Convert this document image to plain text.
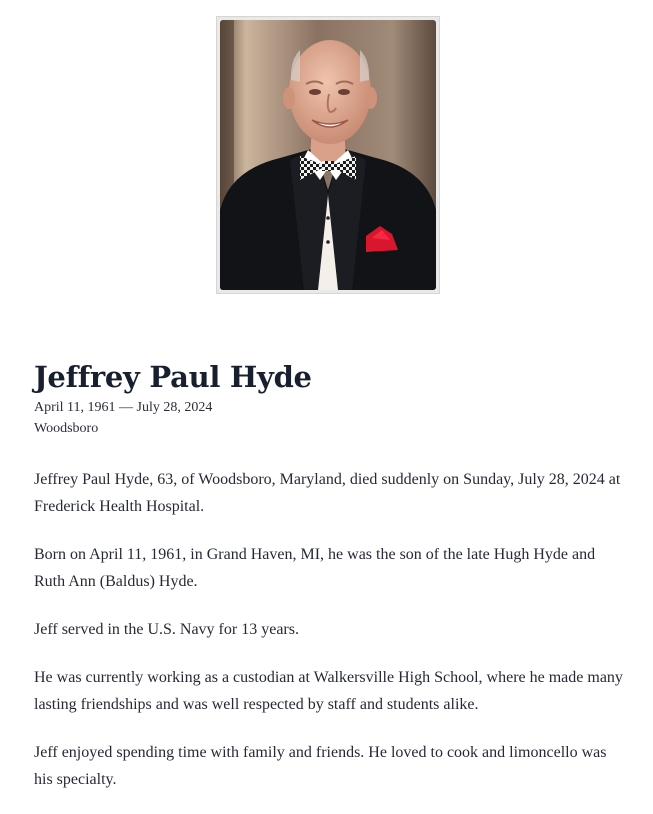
Jeffrey Paul Hyde
April 11, 1961 — July 28, 2024
Woodsboro

Jeffrey Paul Hyde, 63, of Woodsboro, Maryland, died suddenly on Sunday, July 28, 2024 at Frederick Health Hospital.

Born on April 11, 1961, in Grand Haven, MI, he was the son of the late Hugh Hyde and Ruth Ann (Baldus) Hyde.

Jeff served in the U.S. Navy for 13 years.

He was currently working as a custodian at Walkersville High School, where he made many lasting friendships and was well respected by staff and students alike.

Jeff enjoyed spending time with family and friends. He loved to cook and limoncello was his specialty.
